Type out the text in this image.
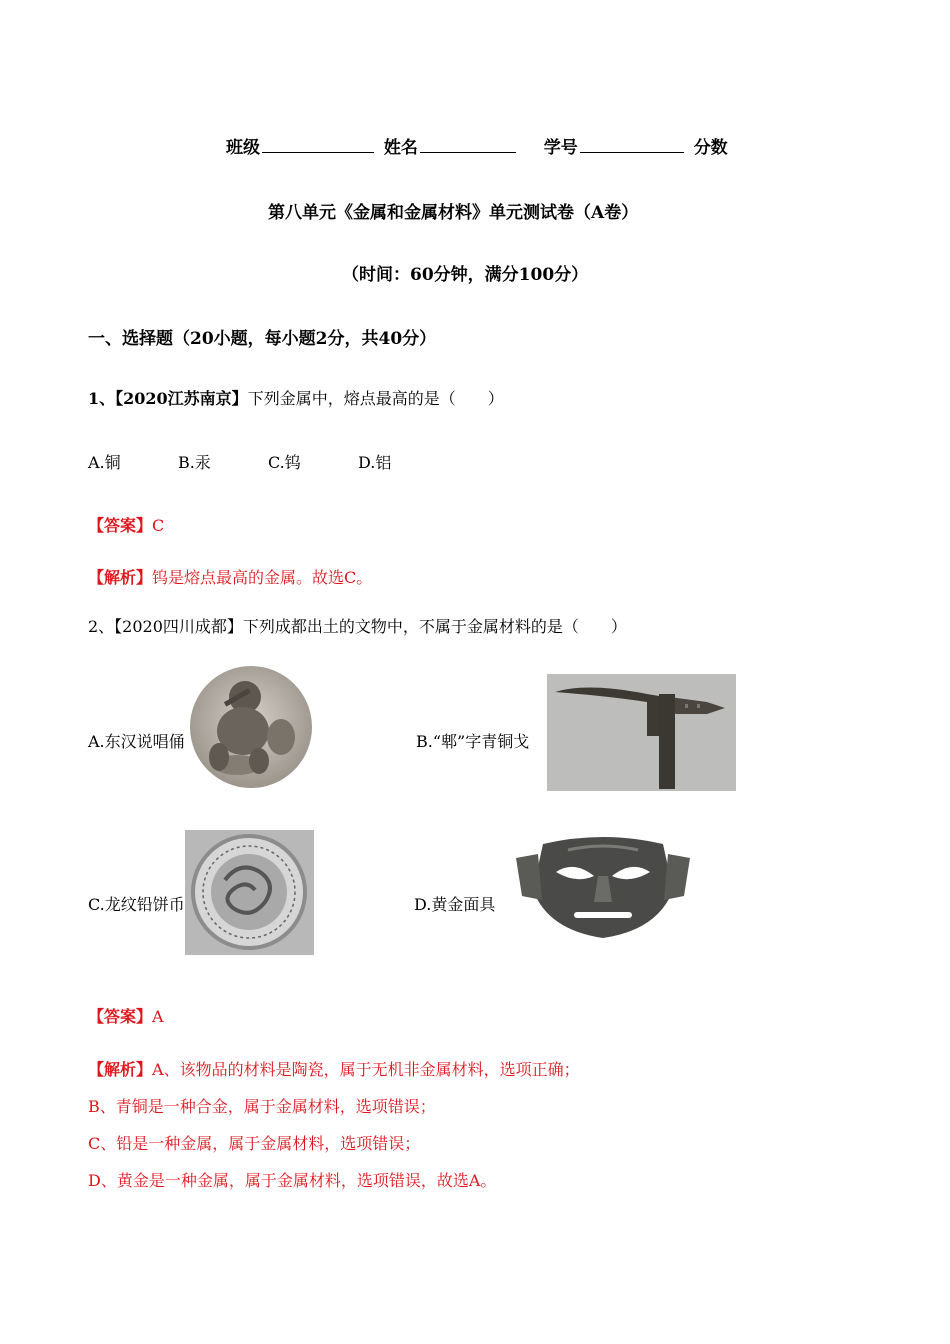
班级	姓名	学号	分数
第八单元《金属和金属材料》单元测试卷（A卷）
（时间：60分钟，满分100分）
一、选择题（20小题，每小题2分，共40分）
1、【2020江苏南京】下列金属中，熔点最高的是（　　）
A.铜	B.汞	C.钨	D.铝
【答案】C
【解析】钨是熔点最高的金属。故选C。
2、【2020四川成都】下列成都出土的文物中，不属于金属材料的是（　　）
A.东汉说唱俑	B.“郫”字青铜戈
C.龙纹铅饼币	D.黄金面具
【答案】A
【解析】A、该物品的材料是陶瓷，属于无机非金属材料，选项正确；
B、青铜是一种合金，属于金属材料，选项错误；
C、铅是一种金属，属于金属材料，选项错误；
D、黄金是一种金属，属于金属材料，选项错误，故选A。
